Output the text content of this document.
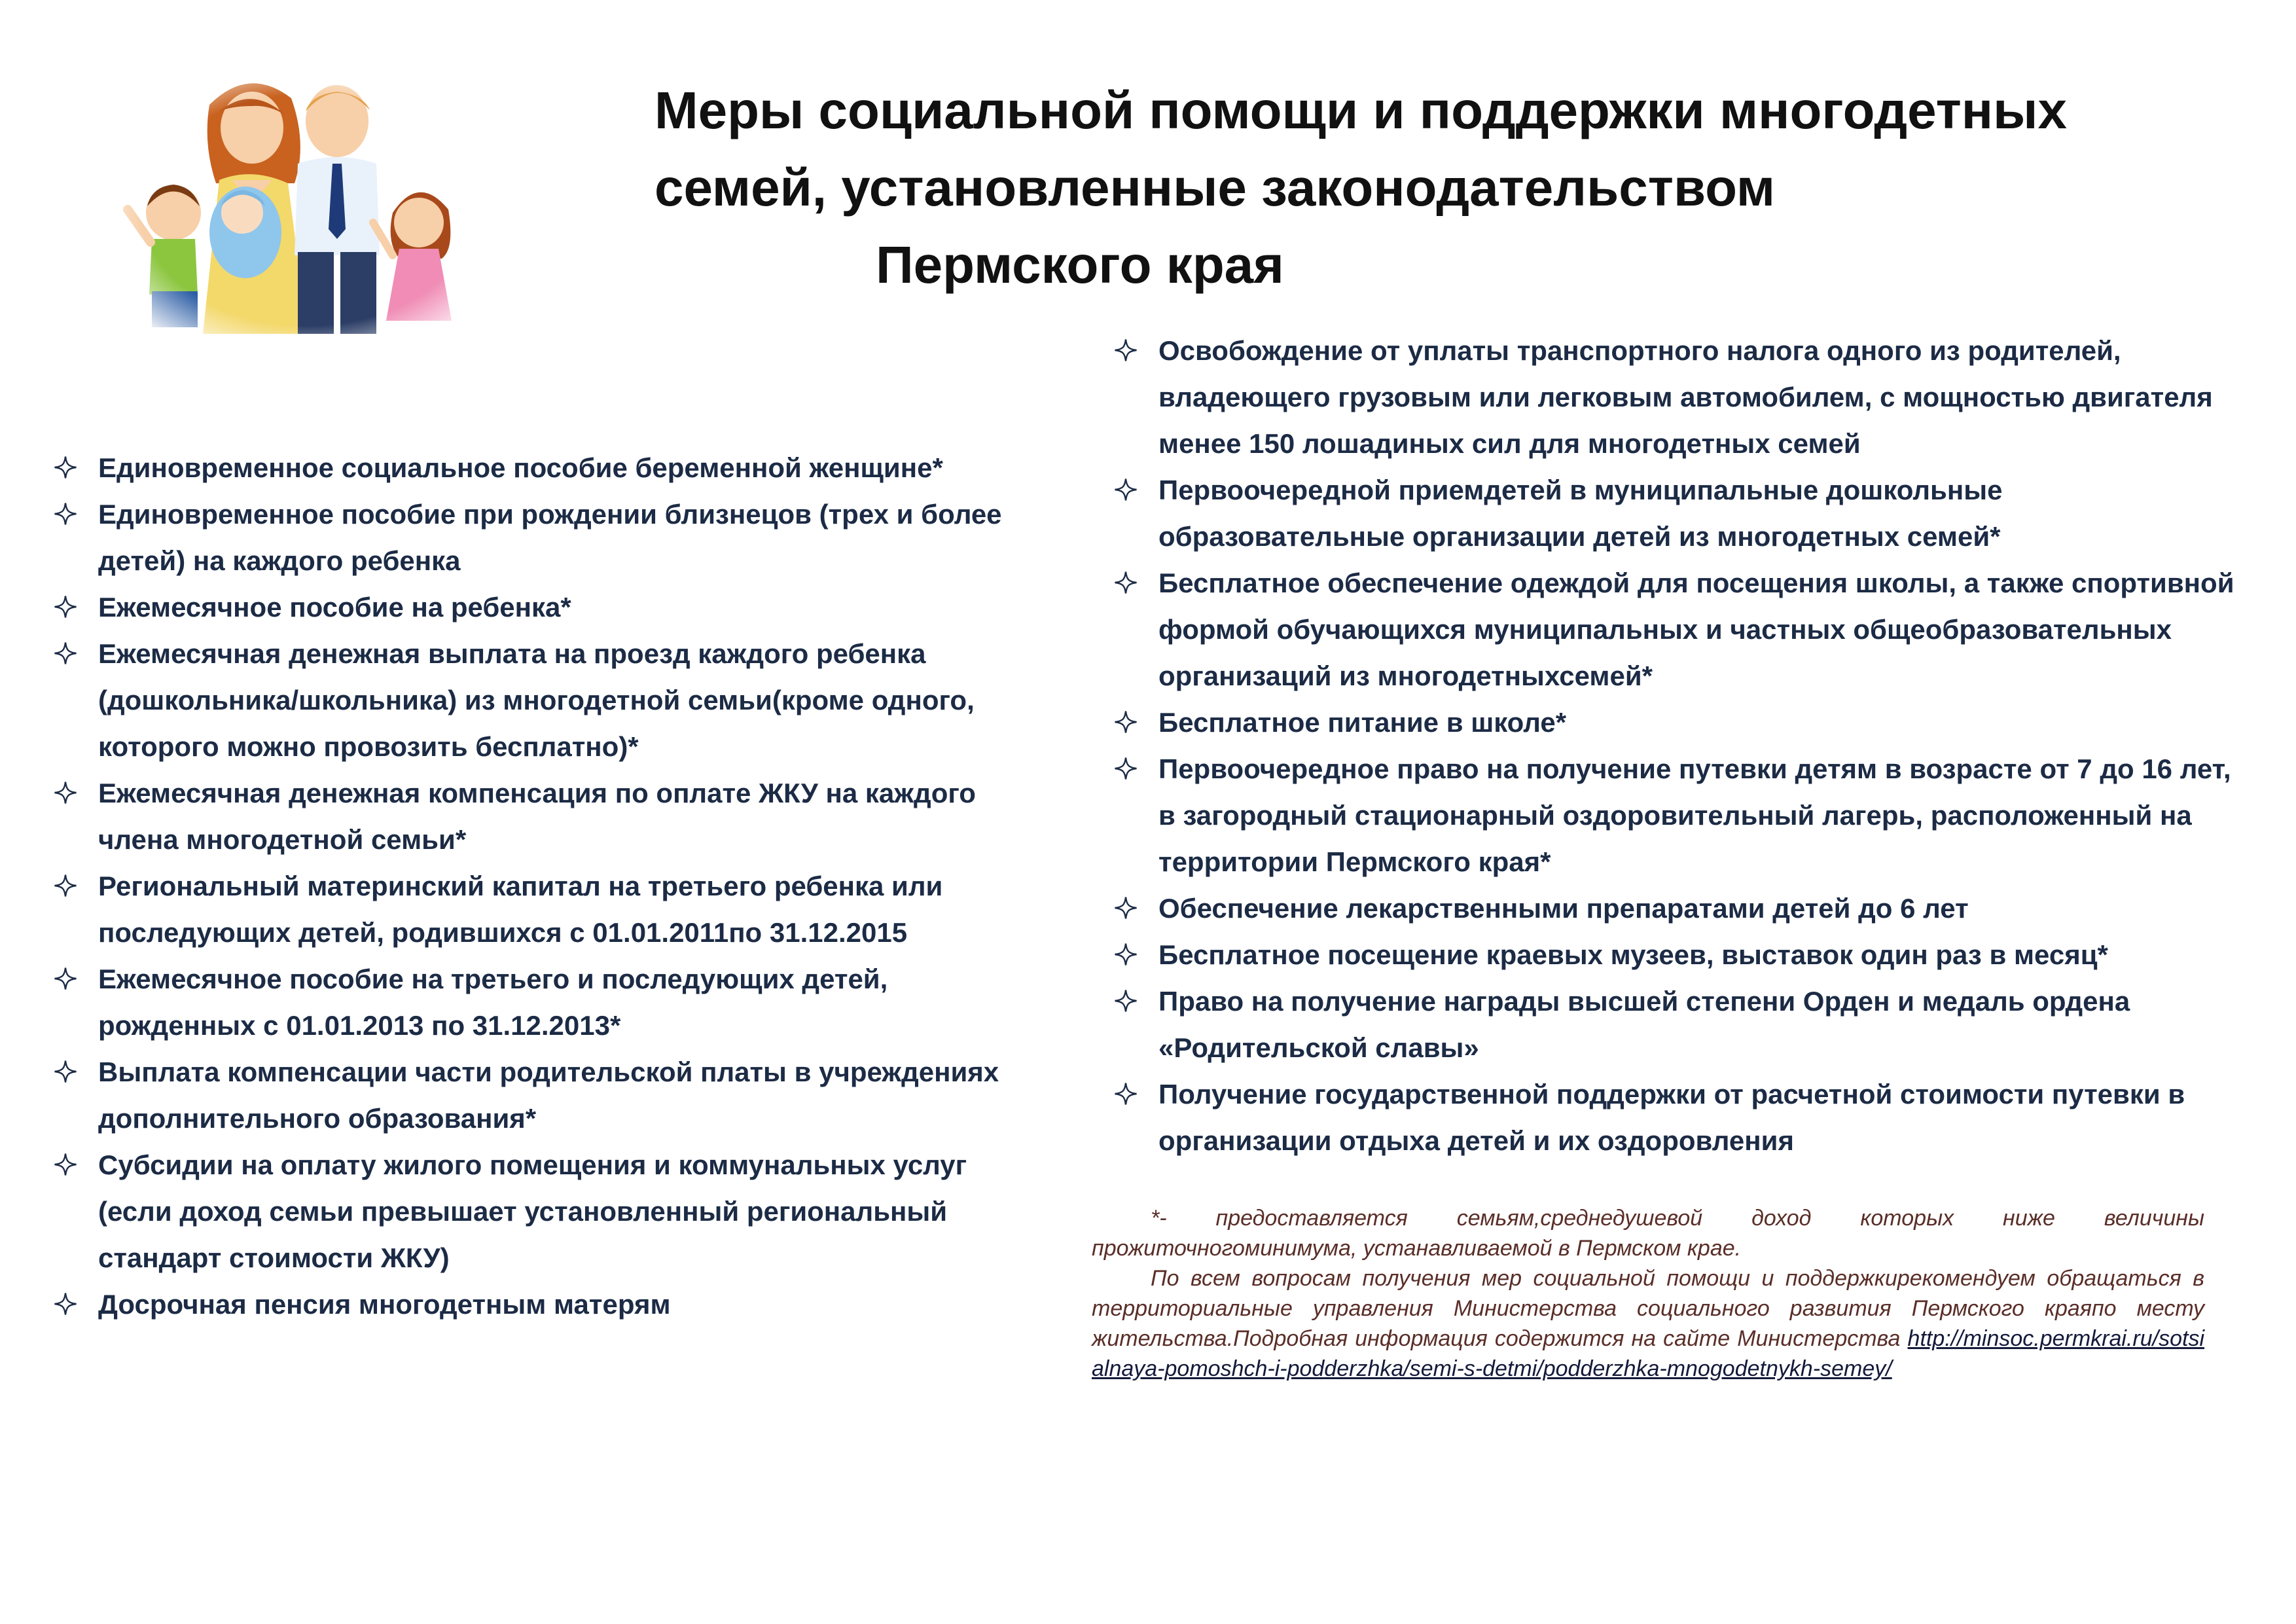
Меры социальной помощи и поддержки многодетных
семей, установленные законодательством
Пермского края
Единовременное социальное пособие беременной женщине*
Единовременное пособие при рождении близнецов (трех и более детей) на каждого ребенка
Ежемесячное пособие на ребенка*
Ежемесячная денежная выплата на проезд каждого ребенка (дошкольника/школьника) из многодетной семьи(кроме одного, которого можно провозить бесплатно)*
Ежемесячная денежная компенсация по оплате ЖКУ на каждого члена многодетной семьи*
Региональный материнский капитал на третьего ребенка или последующих детей, родившихся с 01.01.2011по 31.12.2015
Ежемесячное пособие на третьего и последующих детей, рожденных с 01.01.2013 по 31.12.2013*
Выплата компенсации части родительской платы в учреждениях дополнительного образования*
Субсидии на оплату жилого помещения и коммунальных услуг (если доход семьи превышает установленный региональный стандарт стоимости ЖКУ)
Досрочная пенсия многодетным матерям
Освобождение от уплаты транспортного налога одного из родителей, владеющего грузовым или легковым автомобилем, с мощностью двигателя менее 150 лошадиных сил для многодетных семей
Первоочередной приемдетей в муниципальные дошкольные образовательные организации детей из многодетных семей*
Бесплатное обеспечение одеждой для посещения школы, а также спортивной формой обучающихся муниципальных и частных общеобразовательных организаций из многодетныхсемей*
Бесплатное питание в школе*
Первоочередное право на получение путевки детям в возрасте от 7 до 16 лет, в загородный стационарный оздоровительный лагерь, расположенный на территории Пермского края*
Обеспечение лекарственными препаратами детей до 6 лет
Бесплатное посещение краевых музеев, выставок один раз в месяц*
Право на получение награды высшей степени Орден и медаль ордена «Родительской славы»
Получение государственной поддержки от расчетной стоимости путевки в организации отдыха детей и их оздоровления

*- предоставляется семьям,среднедушевой доход которых ниже величины прожиточногоминимума, устанавливаемой в Пермском крае.

По всем вопросам получения мер социальной помощи и поддержкирекомендуем обращаться в территориальные управления Министерства социального развития Пермского краяпо месту жительства.Подробная информация содержится на сайте Министерства http://minsoc.permkrai.ru/sotsialnaya-pomoshch-i-podderzhka/semi-s-detmi/podderzhka-mnogodetnykh-semey/
